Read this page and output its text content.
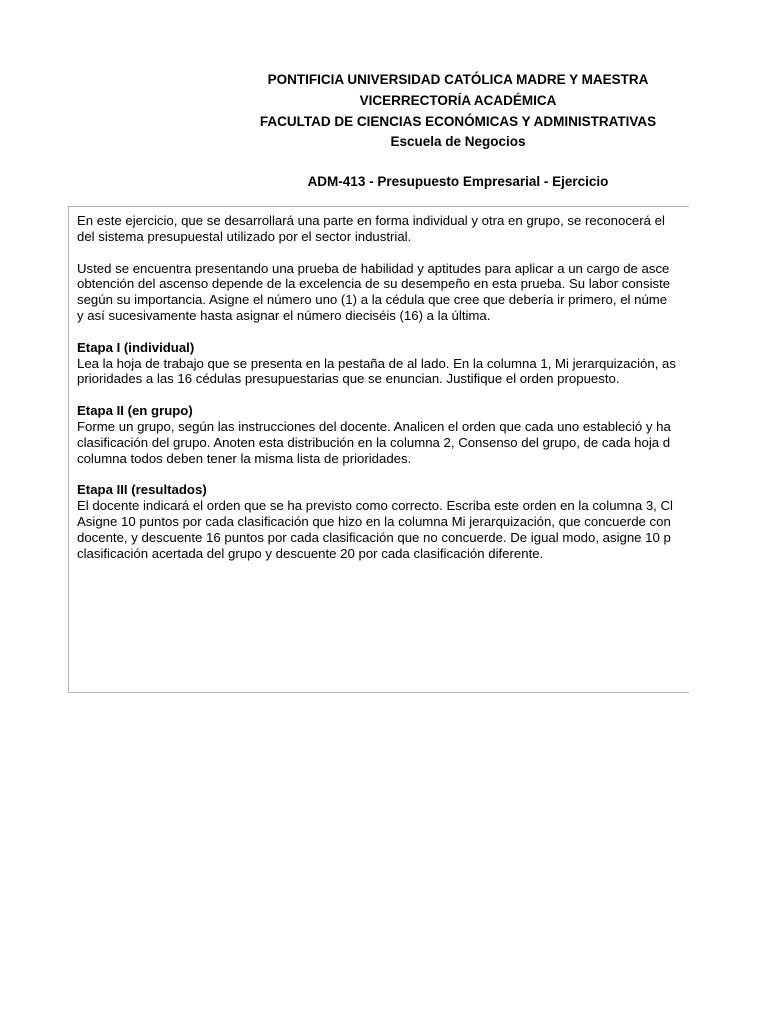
PONTIFICIA UNIVERSIDAD CATÓLICA MADRE Y MAESTRA
VICERRECTORÍA ACADÉMICA
FACULTAD DE CIENCIAS ECONÓMICAS Y ADMINISTRATIVAS
Escuela de Negocios
ADM-413 - Presupuesto Empresarial - Ejercicio

En este ejercicio, que se desarrollará una parte en forma individual y otra en grupo, se reconocerá el
del sistema presupuestal utilizado por el sector industrial.

Usted se encuentra presentando una prueba de habilidad y aptitudes para aplicar a un cargo de asce
obtención del ascenso depende de la excelencia de su desempeño en esta prueba. Su labor consiste
según su importancia. Asigne el número uno (1) a la cédula que cree que debería ir primero, el núme
y así sucesivamente hasta asignar el número dieciséis (16) a la última.

Etapa I (individual)
Lea la hoja de trabajo que se presenta en la pestaña de al lado. En la columna 1, Mi jerarquización, as
prioridades a las 16 cédulas presupuestarias que se enuncian. Justifique el orden propuesto.

Etapa II (en grupo)
Forme un grupo, según las instrucciones del docente. Analicen el orden que cada uno estableció y ha
clasificación del grupo. Anoten esta distribución en la columna 2, Consenso del grupo, de cada hoja d
columna todos deben tener la misma lista de prioridades.

Etapa III (resultados)
El docente indicará el orden que se ha previsto como correcto. Escriba este orden en la columna 3, Cl
Asigne 10 puntos por cada clasificación que hizo en la columna Mi jerarquización, que concuerde con
docente, y descuente 16 puntos por cada clasificación que no concuerde. De igual modo, asigne 10 p
clasificación acertada del grupo y descuente 20 por cada clasificación diferente.
